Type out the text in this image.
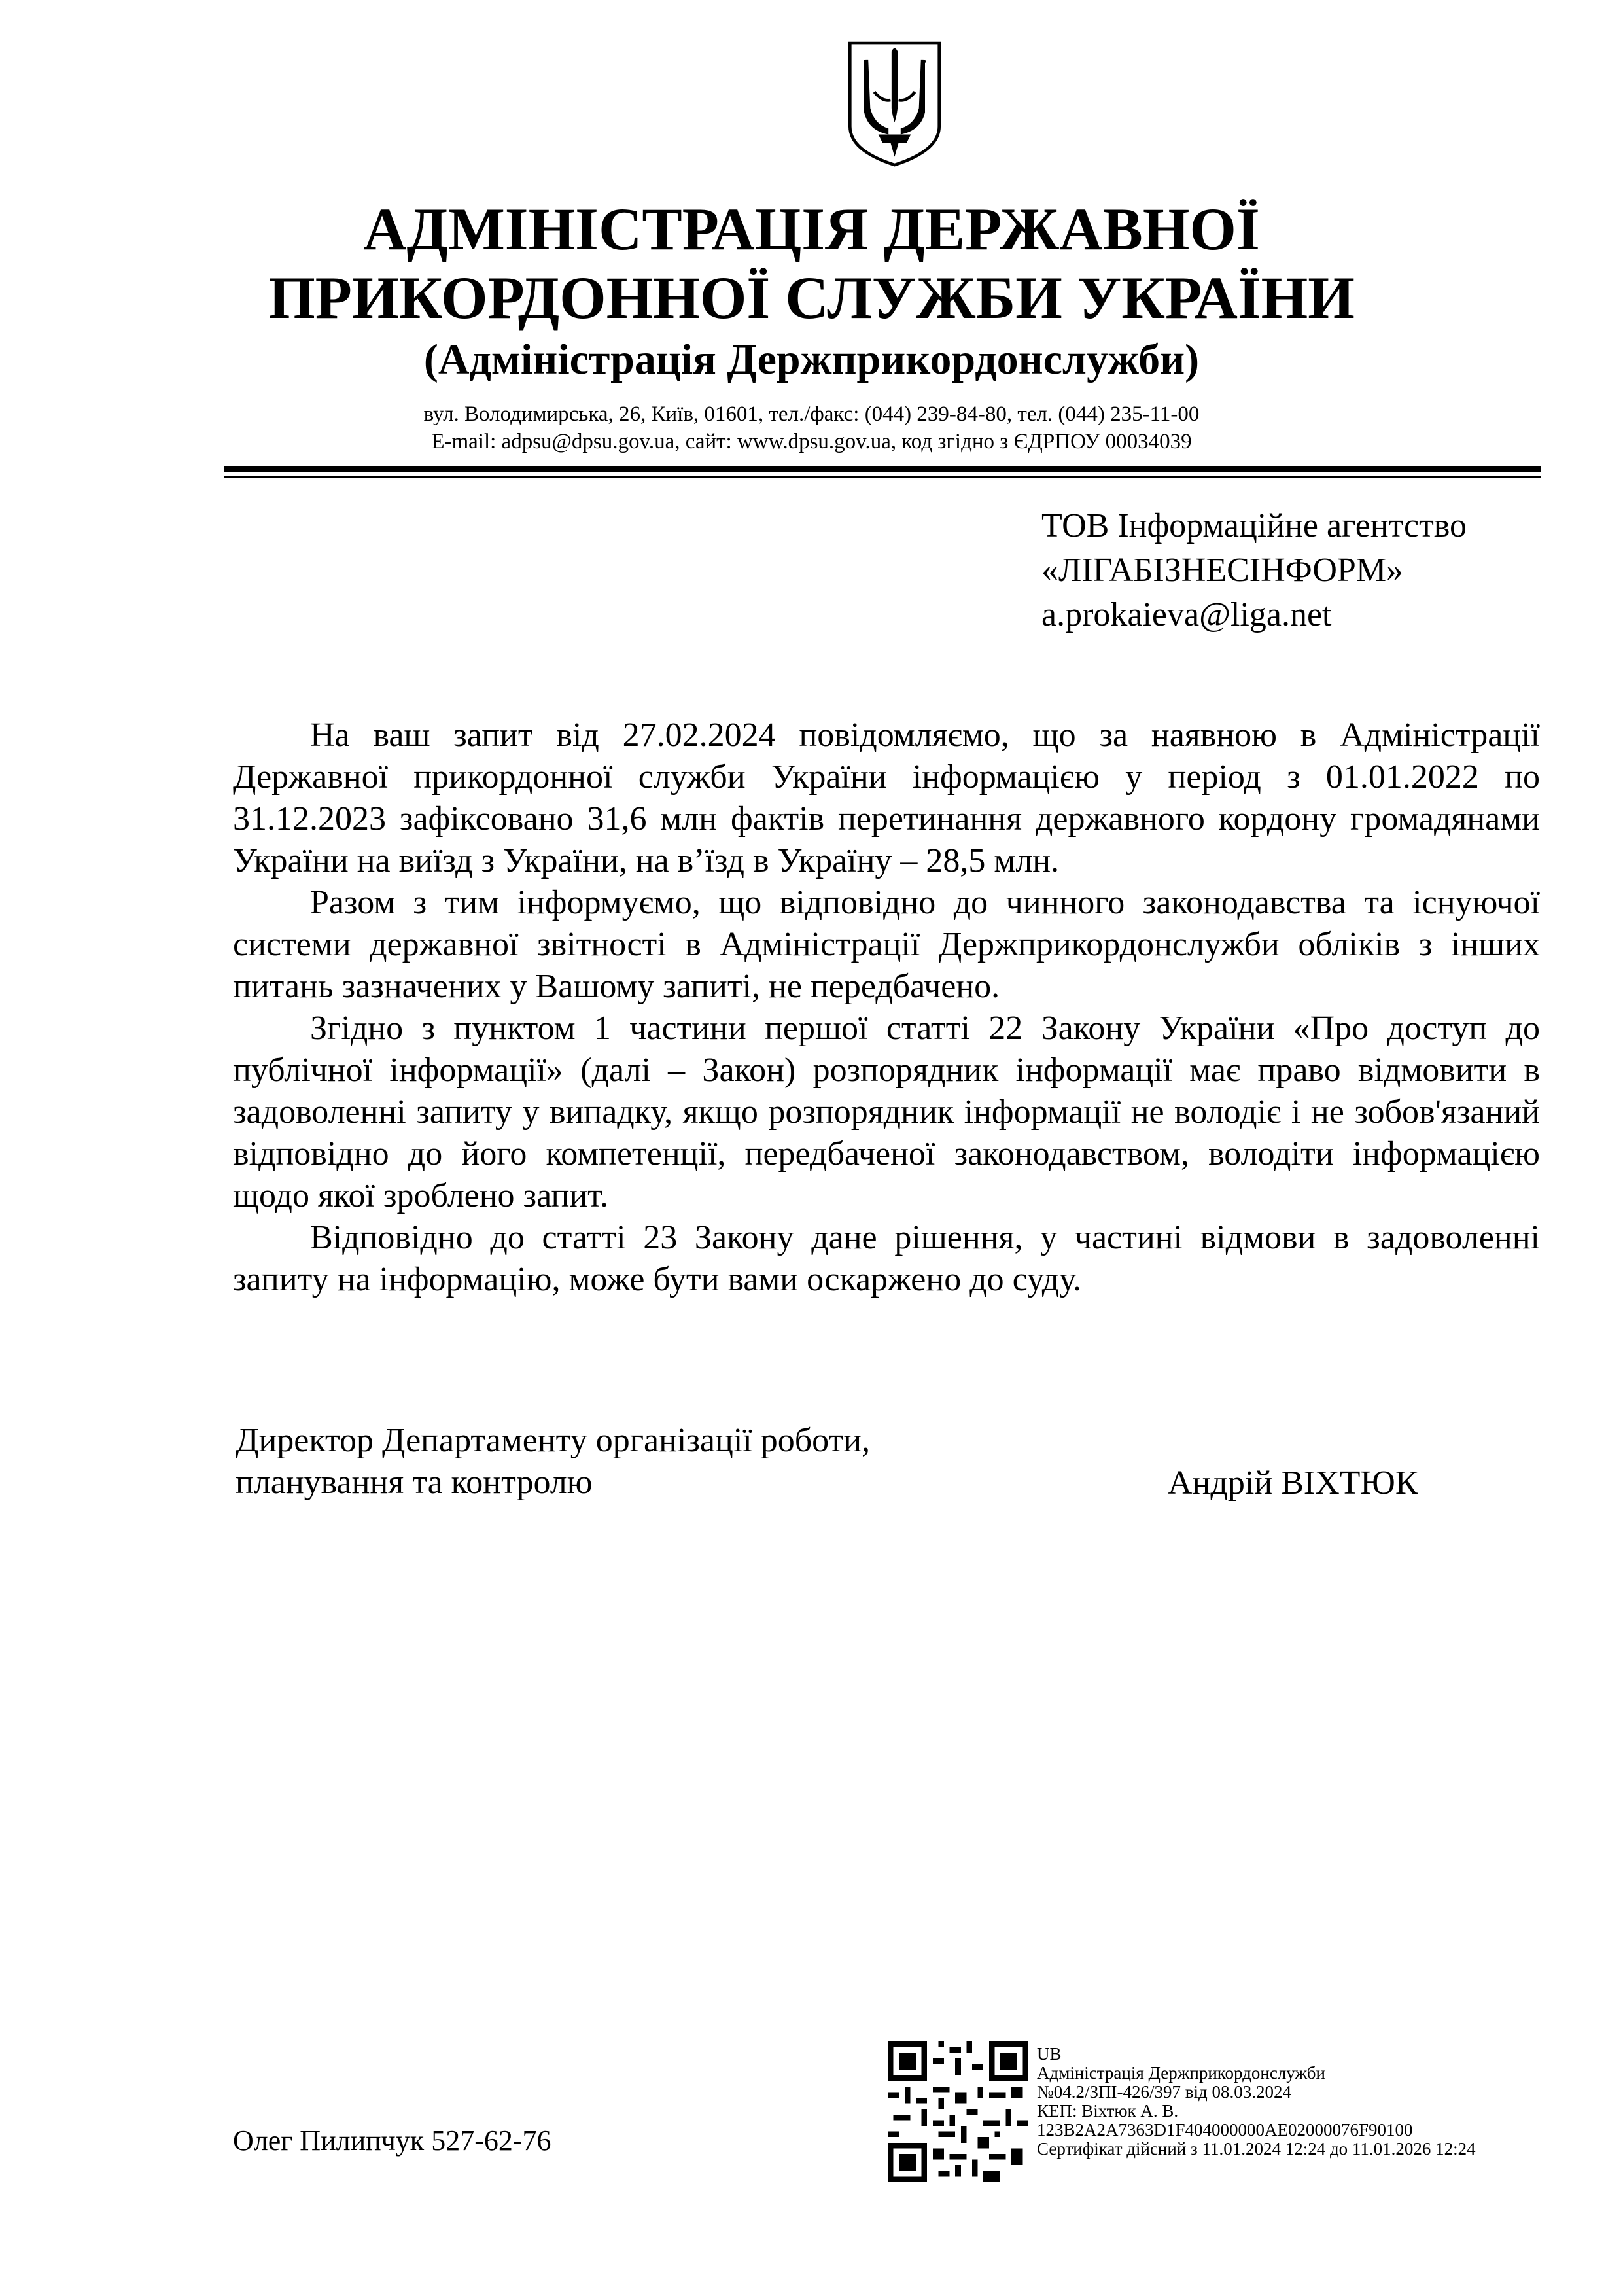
АДМІНІСТРАЦІЯ ДЕРЖАВНОЇ
ПРИКОРДОННОЇ СЛУЖБИ УКРАЇНИ
(Адміністрація Держприкордонслужби)
вул. Володимирська, 26, Київ, 01601, тел./факс: (044) 239-84-80, тел. (044) 235-11-00
E-mail: adpsu@dpsu.gov.ua, сайт: www.dpsu.gov.ua, код згідно з ЄДРПОУ 00034039
ТОВ Інформаційне агентство
«ЛІГАБІЗНЕСІНФОРМ»
a.prokaieva@liga.net

На ваш запит від 27.02.2024 повідомляємо, що за наявною в Адміністрації Державної прикордонної служби України інформацією у період з 01.01.2022 по 31.12.2023 зафіксовано 31,6 млн фактів перетинання державного кордону громадянами України на виїзд з України, на в’їзд в Україну – 28,5 млн.

Разом з тим інформуємо, що відповідно до чинного законодавства та існуючої системи державної звітності в Адміністрації Держприкордонслужби обліків з інших питань зазначених у Вашому запиті, не передбачено.

Згідно з пунктом 1 частини першої статті 22 Закону України «Про доступ до публічної інформації» (далі – Закон) розпорядник інформації має право відмовити в задоволенні запиту у випадку, якщо розпорядник інформації не володіє і не зобов'язаний відповідно до його компетенції, передбаченої законодавством, володіти інформацією щодо якої зроблено запит.

Відповідно до статті 23 Закону дане рішення, у частині відмови в задоволенні запиту на інформацію, може бути вами оскаржено до суду.

Директор Департаменту організації роботи,
планування та контролю	Андрій ВІХТЮК
Олег Пилипчук 527-62-76
UB
Адміністрація Держприкордонслужби
№04.2/ЗПІ-426/397 від 08.03.2024
КЕП: Віхтюк А. В.
123B2A2A7363D1F404000000AE02000076F90100
Сертифікат дійсний з 11.01.2024 12:24 до 11.01.2026 12:24
